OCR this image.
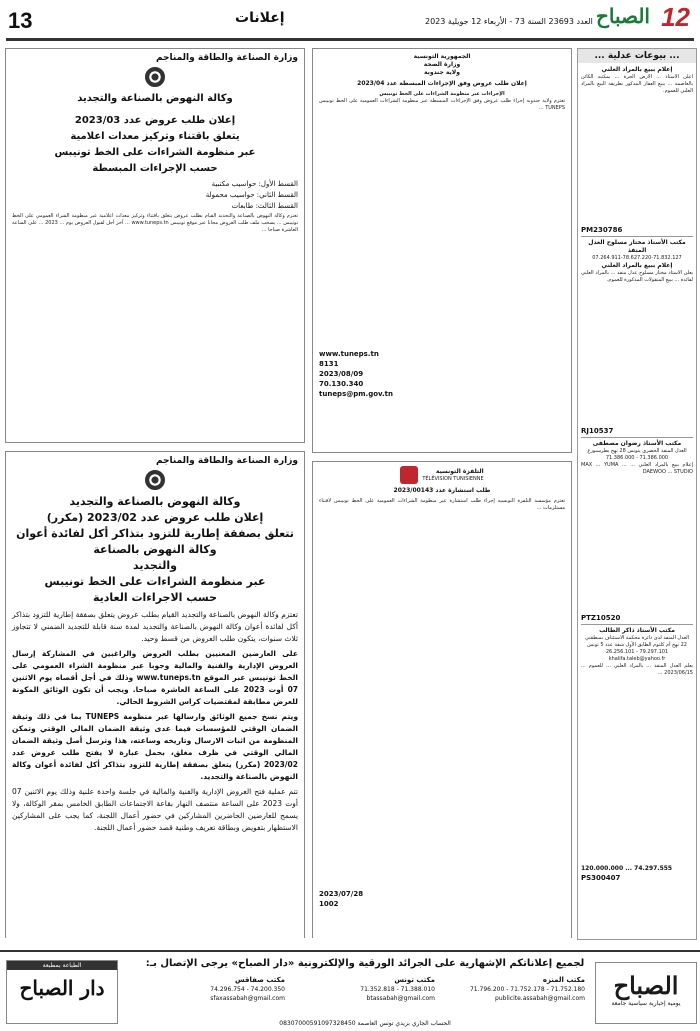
13	إعلانات	العدد 23693 السنة 73 - الأربعاء 12 جويلية 2023	12
الصباح
... بيوعات عدلية ...
إعلام ببيع بالمراد العلني
اعلن الأستاذ ... الأرض الحرة ... بمكتبه الكائن بالعاصمة ... ببيع العقار المذكور بطريقة البيع بالمراد العلني للعموم.
PM230786
مكتب الأستاذ مختار مسلوح العدل المنفذ
07.264.911-78.627.220-71.832.127
إعلام ببيع بالمراد العلني
يعلن الأستاذ مختار مسلوح عدل منفذ ... بالمراد العلني لفائدة ... ببيع المنقولات المذكورة للعموم.
RJ10537
مكتب الأستاذ رضوان مصطفى
العدل المنفذ الحضري بتونس 28 نهج بطرسبورغ
71.386.000 - 71.386.000
إعلام ببيع بالمراد العلني ... MAX ... YUMA ... DAEWOO ... STUDIO
PTZ10520
مكتب الأستاذ ذاكر الطالب
العدل المنفذ لدى دائرة محكمة الاستئناف بمنطقتي
22 نهج أم كلثوم الطابق الأول شقة عدد 5 تونس
79.297.101 - 26.256.101
khalifa.taleb@yahoo.fr
يعلم العدل المنفذ ... بالمراد العلني ... للعموم ... 2023/06/15 ...
120.000.000 ... 74.297.555
PS300407
الجمهورية التونسية
وزارة الصحة
ولاية جندوبة
إعلان طلب عروض وفق الإجراءات المبسطة عدد 2023/04
الإجراءات عبر منظومة الشراءات على الخط تونيبس
تعتزم ولاية جندوبة إجراء طلب عروض وفق الإجراءات المبسطة عبر منظومة الشراءات العمومية على الخط تونيبس TUNEPS ...
www.tuneps.tn
8131
2023/08/09
70.130.340
tuneps@pm.gov.tn
التلفزة التونسية
TÉLÉVISION TUNISIENNE
طلب استشارة عدد 2023/00143
تعتزم مؤسسة التلفزة التونسية إجراء طلب استشارة عبر منظومة الشراءات العمومية على الخط تونيبس لاقتناء مستلزمات ...
2023/07/28
1002
وزارة الصناعة والطاقة والمناجم
وكالة النهوض بالصناعة والتجديد
إعلان طلب عروض عدد 2023/03
يتعلق باقتناء وتركيز معدات اعلامية
عبر منظومة الشراءات على الخط تونيبس
حسب الإجراءات المبسطة
القسط الأول: حواسيب مكتبية
القسط الثاني: حواسيب محمولة
القسط الثالث: طابعات
تعتزم وكالة النهوض بالصناعة والتجديد القيام بطلب عروض يتعلق باقتناء وتركيز معدات اعلامية عبر منظومة الشراء العمومي على الخط تونيبس ... يسحب ملف طلب العروض مجانا عبر موقع تونيبس www.tuneps.tn ... آخر أجل لقبول العروض يوم ... 2023 ... على الساعة العاشرة صباحا ...
وزارة الصناعة والطاقة والمناجم
وكالة النهوض بالصناعة والتجديد
إعلان طلب عروض عدد 2023/02 (مكرر)
تتعلق بصفقة إطارية للتزود بتذاكر أكل لفائدة أعوان وكالة النهوض بالصناعة
والتجديد
عبر منظومة الشراءات على الخط تونيبس
حسب الاجراءات العادية
تعتزم وكالة النهوض بالصناعة والتجديد القيام بطلب عروض يتعلق بصفقة إطارية للتزود بتذاكر أكل لفائدة أعوان وكالة النهوض بالصناعة والتجديد لمدة سنة قابلة للتجديد الضمني لا تتجاوز ثلاث سنوات، يتكون طلب العروض من قسط وحيد.
على العارضين المعنيين بطلب العروض والراغبين في المشاركة إرسال العروض الإدارية والفنية والمالية وجوبا عبر منظومة الشراء العمومي على الخط تونيبس عبر الموقع www.tuneps.tn وذلك في أجل أقصاه يوم الاثنين 07 أوت 2023 على الساعة العاشرة صباحا. ويجب أن تكون الوثائق المكونة للعرض مطابقة لمقتضيات كراس الشروط الحالي.
ويتم نسخ جميع الوثائق وارسالها عبر منظومة TUNEPS بما في ذلك وثيقة الضمان الوقتي للمؤسسات فيما عدى وثيقة الضمان المالي الوقتي وتمكن المنظومة من اثبات الارسال وتاريخه وساعته، هذا وترسل أصل وثيقة الضمان المالي الوقتي في ظرف مغلق، بحمل عبارة لا يفتح طلب عروض عدد 2023/02 (مكرر) يتعلق بصفقة إطارية للتزود بتذاكر أكل لفائدة أعوان وكالة النهوض بالصناعة والتجديد.
تتم عملية فتح العروض الإدارية والفنية والمالية في جلسة واحدة علنية وذلك يوم الاثنين 07 أوت 2023 على الساعة منتصف النهار بقاعة الاجتماعات الطابق الخامس بمقر الوكالة، ولا يسمح للعارضين الحاضرين المشاركين في حضور أعمال اللجنة، كما يجب على المشاركين الاستظهار بتفويض وبطاقة تعريف وطنية قصد حضور أعمال اللجنة.
الصباح
يومية إخبارية سياسية جامعة
لجميع إعلاناتكم الإشهارية على الجرائد الورقية والإلكترونية «دار الصباح» يرجى الإتصال بـ:
مكتب المنزه
71.752.180 - 71.752.178 - 71.796.200
publicite.assabah@gmail.com
مكتب تونس
71.388.010 - 71.352.818
btassabah@gmail.com
مكتب صفاقس
74.200.350 - 74.296.754
sfaxassabah@gmail.com
الطباعة بمطبعة
دار الصباح
الحساب الجاري بريدي تونس العاصمة 08307000591097328450
